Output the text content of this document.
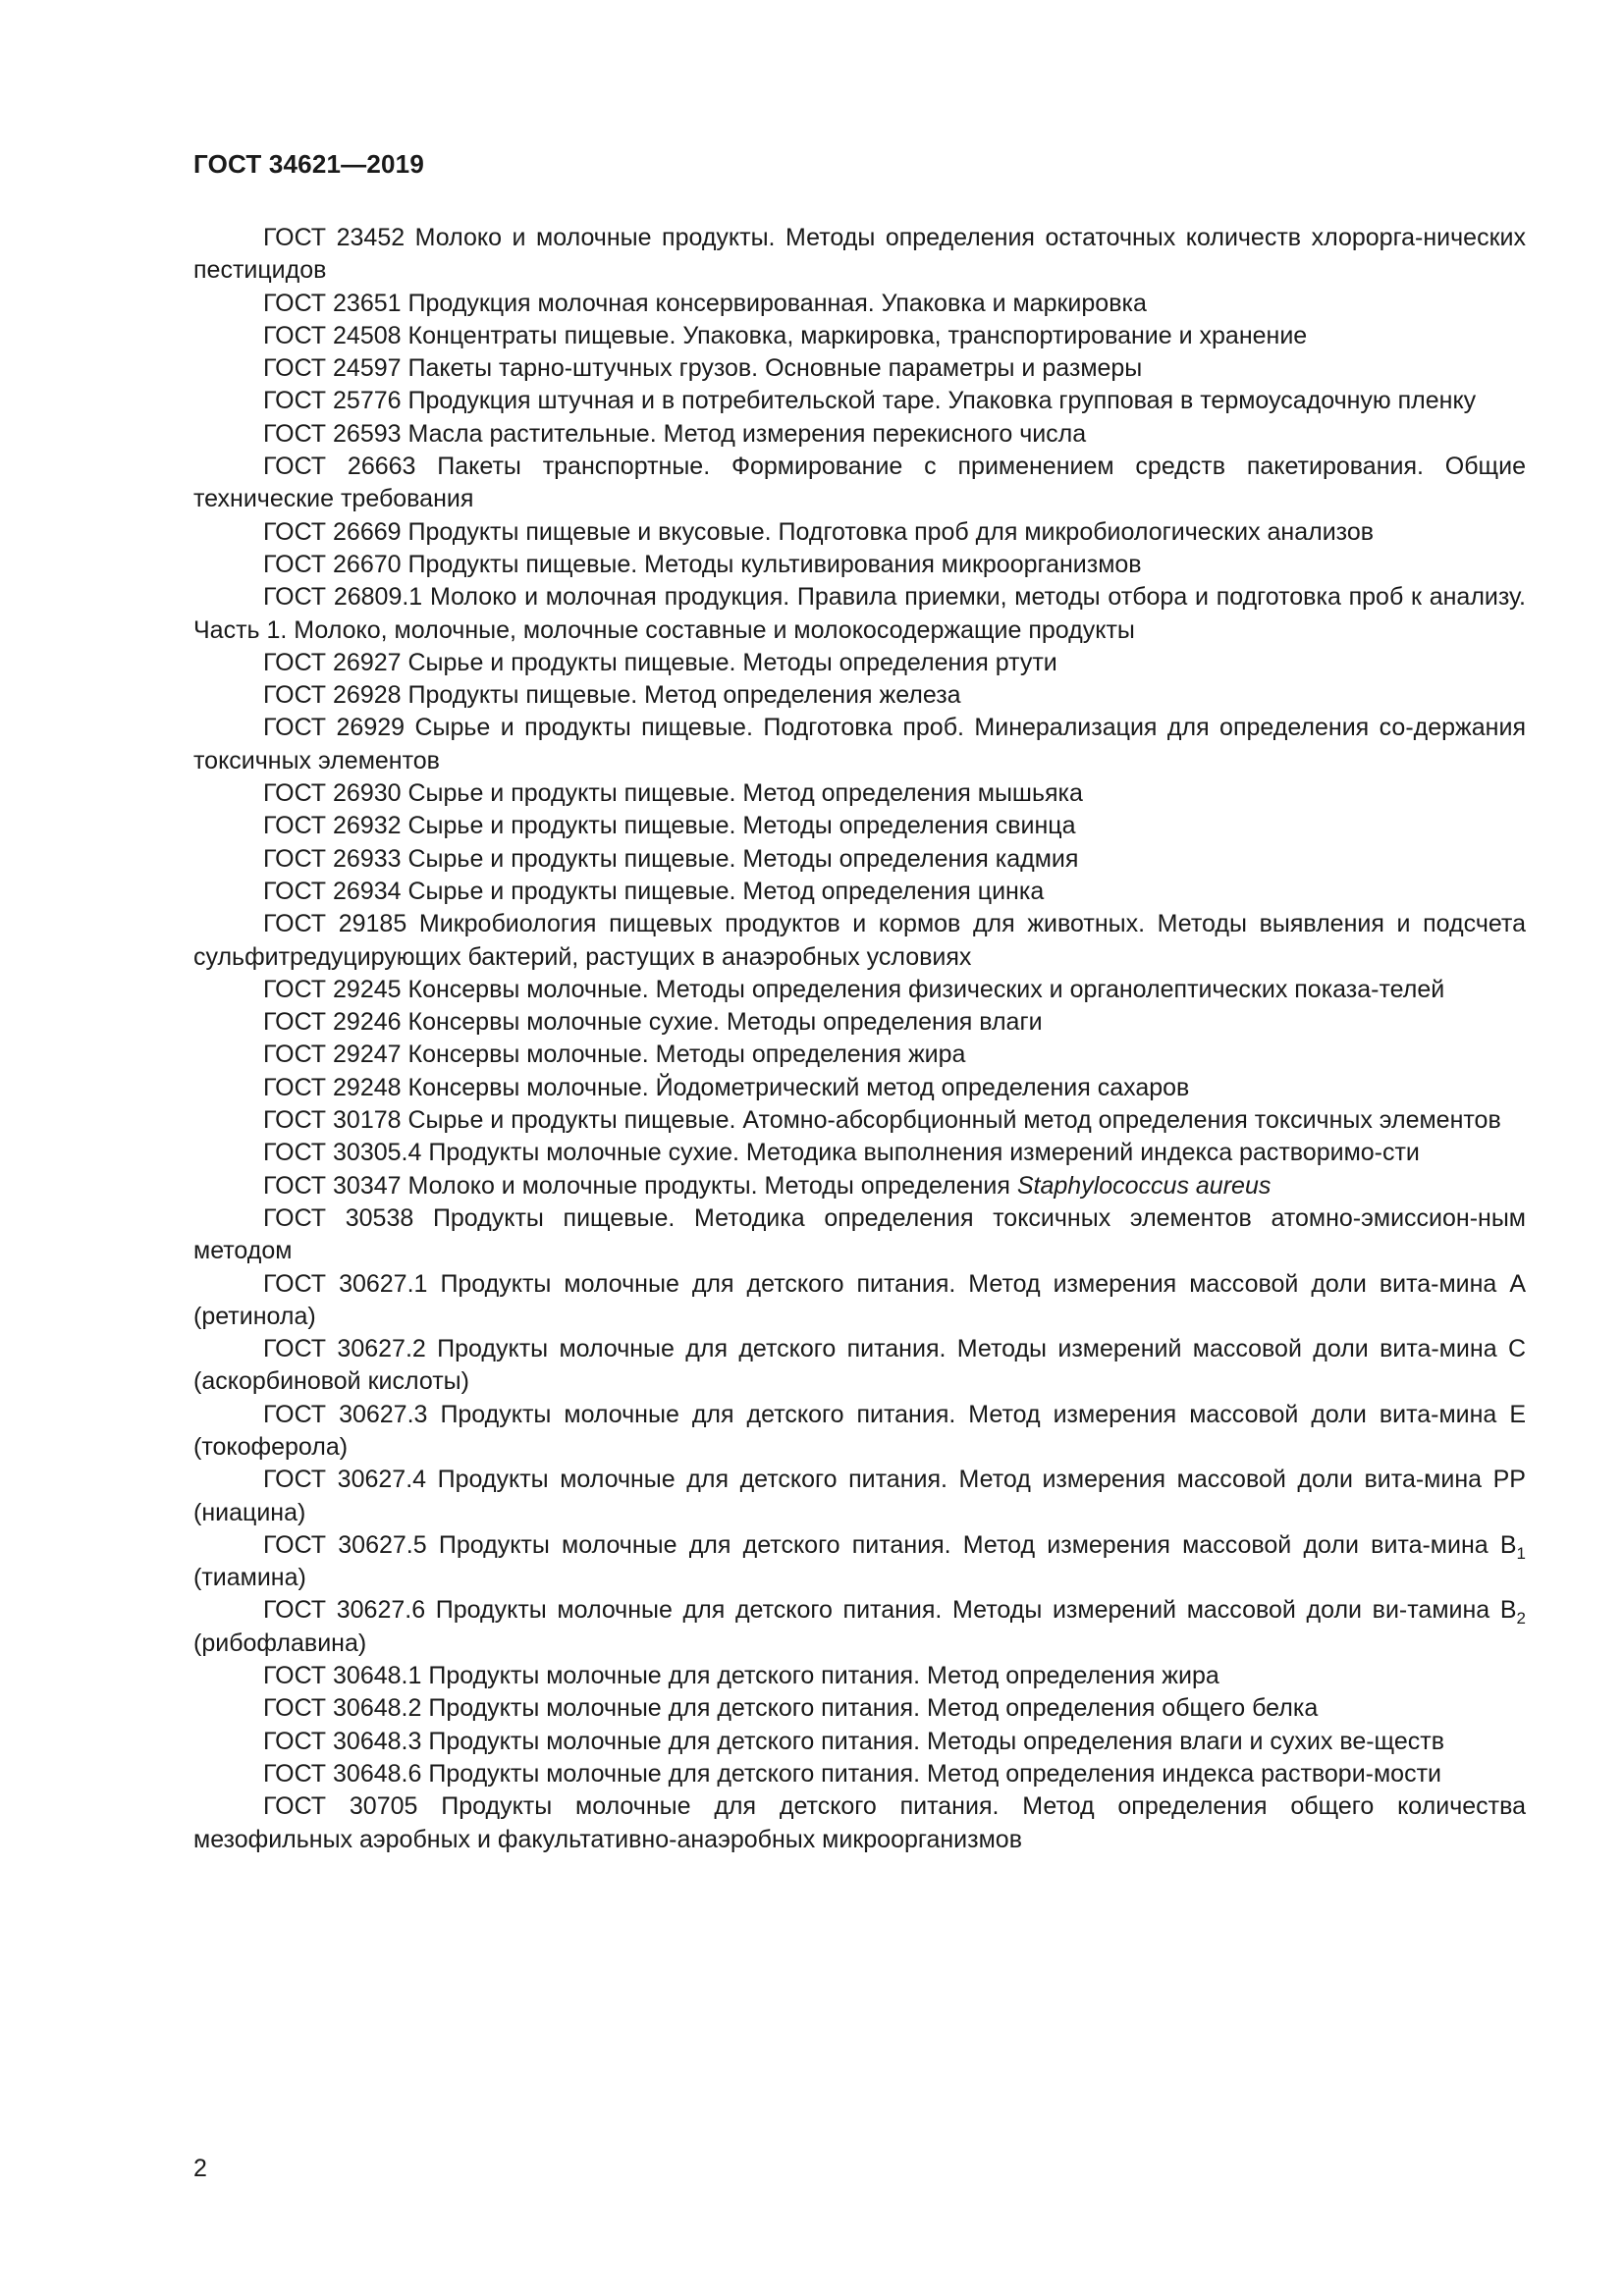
ГОСТ 34621—2019

ГОСТ 23452 Молоко и молочные продукты. Методы определения остаточных количеств хлорорга-нических пестицидов

ГОСТ 23651 Продукция молочная консервированная. Упаковка и маркировка

ГОСТ 24508 Концентраты пищевые. Упаковка, маркировка, транспортирование и хранение

ГОСТ 24597 Пакеты тарно-штучных грузов. Основные параметры и размеры

ГОСТ 25776 Продукция штучная и в потребительской таре. Упаковка групповая в термоусадочную пленку

ГОСТ 26593 Масла растительные. Метод измерения перекисного числа

ГОСТ 26663 Пакеты транспортные. Формирование с применением средств пакетирования. Общие технические требования

ГОСТ 26669 Продукты пищевые и вкусовые. Подготовка проб для микробиологических анализов

ГОСТ 26670 Продукты пищевые. Методы культивирования микроорганизмов

ГОСТ 26809.1 Молоко и молочная продукция. Правила приемки, методы отбора и подготовка проб к анализу. Часть 1. Молоко, молочные, молочные составные и молокосодержащие продукты

ГОСТ 26927 Сырье и продукты пищевые. Методы определения ртути

ГОСТ 26928 Продукты пищевые. Метод определения железа

ГОСТ 26929 Сырье и продукты пищевые. Подготовка проб. Минерализация для определения со-держания токсичных элементов

ГОСТ 26930 Сырье и продукты пищевые. Метод определения мышьяка

ГОСТ 26932 Сырье и продукты пищевые. Методы определения свинца

ГОСТ 26933 Сырье и продукты пищевые. Методы определения кадмия

ГОСТ 26934 Сырье и продукты пищевые. Метод определения цинка

ГОСТ 29185 Микробиология пищевых продуктов и кормов для животных. Методы выявления и подсчета сульфитредуцирующих бактерий, растущих в анаэробных условиях

ГОСТ 29245 Консервы молочные. Методы определения физических и органолептических показа-телей

ГОСТ 29246 Консервы молочные сухие. Методы определения влаги

ГОСТ 29247 Консервы молочные. Методы определения жира

ГОСТ 29248 Консервы молочные. Йодометрический метод определения сахаров

ГОСТ 30178 Сырье и продукты пищевые. Атомно-абсорбционный метод определения токсичных элементов

ГОСТ 30305.4 Продукты молочные сухие. Методика выполнения измерений индекса растворимо-сти

ГОСТ 30347 Молоко и молочные продукты. Методы определения Staphylococcus aureus

ГОСТ 30538 Продукты пищевые. Методика определения токсичных элементов атомно-эмиссион-ным методом

ГОСТ 30627.1 Продукты молочные для детского питания. Метод измерения массовой доли вита-мина А (ретинола)

ГОСТ 30627.2 Продукты молочные для детского питания. Методы измерений массовой доли вита-мина С (аскорбиновой кислоты)

ГОСТ 30627.3 Продукты молочные для детского питания. Метод измерения массовой доли вита-мина Е (токоферола)

ГОСТ 30627.4 Продукты молочные для детского питания. Метод измерения массовой доли вита-мина РР (ниацина)

ГОСТ 30627.5 Продукты молочные для детского питания. Метод измерения массовой доли вита-мина $B_1$ (тиамина)

ГОСТ 30627.6 Продукты молочные для детского питания. Методы измерений массовой доли ви-тамина $B_2$ (рибофлавина)

ГОСТ 30648.1 Продукты молочные для детского питания. Метод определения жира

ГОСТ 30648.2 Продукты молочные для детского питания. Метод определения общего белка

ГОСТ 30648.3 Продукты молочные для детского питания. Методы определения влаги и сухих ве-ществ

ГОСТ 30648.6 Продукты молочные для детского питания. Метод определения индекса раствори-мости

ГОСТ 30705 Продукты молочные для детского питания. Метод определения общего количества мезофильных аэробных и факультативно-анаэробных микроорганизмов

2
